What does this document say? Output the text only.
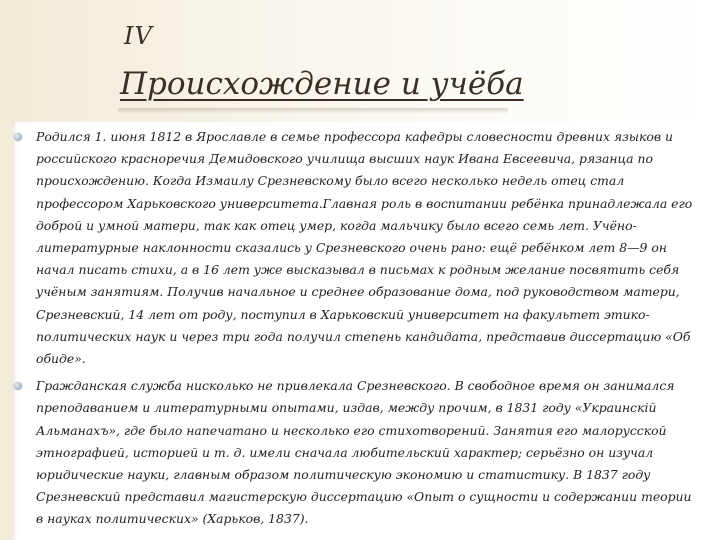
IV
Происхождение и учёба
Родился 1. июня 1812 в Ярославле в семье профессора кафедры словесности древних языков и российского красноречия Демидовского училища высших наук Ивана Евсеевича, рязанца по происхождению. Когда Измаилу Срезневскому было всего несколько недель отец стал профессором Харьковского университета.Главная роль в воспитании ребёнка принадлежала его доброй и умной матери, так как отец умер, когда мальчику было всего семь лет. Учёно-литературные наклонности сказались у Срезневского очень рано: ещё ребёнком лет 8—9 он начал писать стихи, а в 16 лет уже высказывал в письмах к родным желание посвятить себя учёным занятиям. Получив начальное и среднее образование дома, под руководством матери, Срезневский, 14 лет от роду, поступил в Харьковский университет на факультет этико-политических наук и через три года получил степень кандидата, представив диссертацию «Об обиде».
Гражданская служба нисколько не привлекала Срезневского. В свободное время он занимался преподаванием и литературными опытами, издав, между прочим, в 1831 году «Украинскій Альманахъ», где было напечатано и несколько его стихотворений. Занятия его малорусской этнографией, историей и т. д. имели сначала любительский характер; серьёзно он изучал юридические науки, главным образом политическую экономию и статистику. В 1837 году Срезневский представил магистерскую диссертацию «Опыт о сущности и содержании теории в науках политических» (Харьков, 1837).
